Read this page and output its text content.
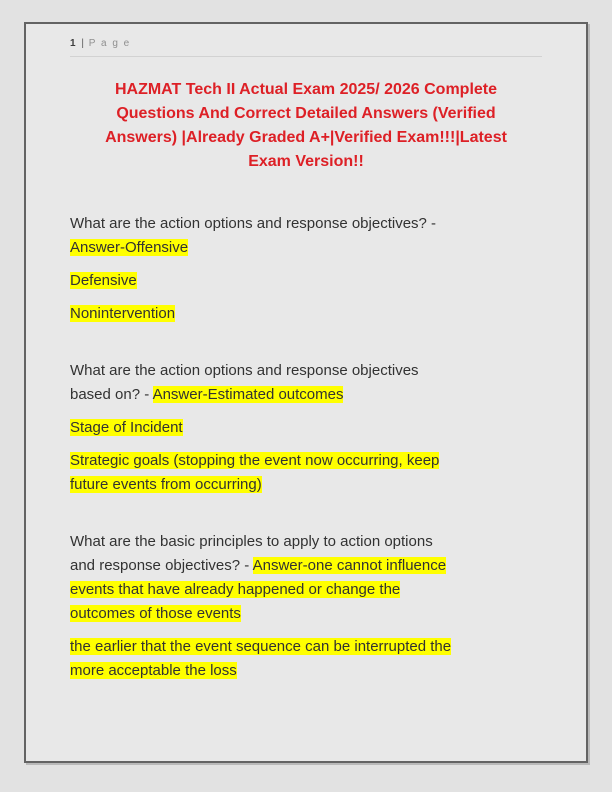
1 | P a g e
HAZMAT Tech II Actual Exam 2025/ 2026 Complete
Questions And Correct Detailed Answers (Verified
Answers) |Already Graded A+|Verified Exam!!!|Latest
Exam Version!!

What are the action options and response objectives? -
Answer-Offensive

Defensive

Nonintervention

What are the action options and response objectives
based on? - Answer-Estimated outcomes

Stage of Incident

Strategic goals (stopping the event now occurring, keep
future events from occurring)

What are the basic principles to apply to action options
and response objectives? - Answer-one cannot influence
events that have already happened or change the
outcomes of those events

the earlier that the event sequence can be interrupted the
more acceptable the loss
